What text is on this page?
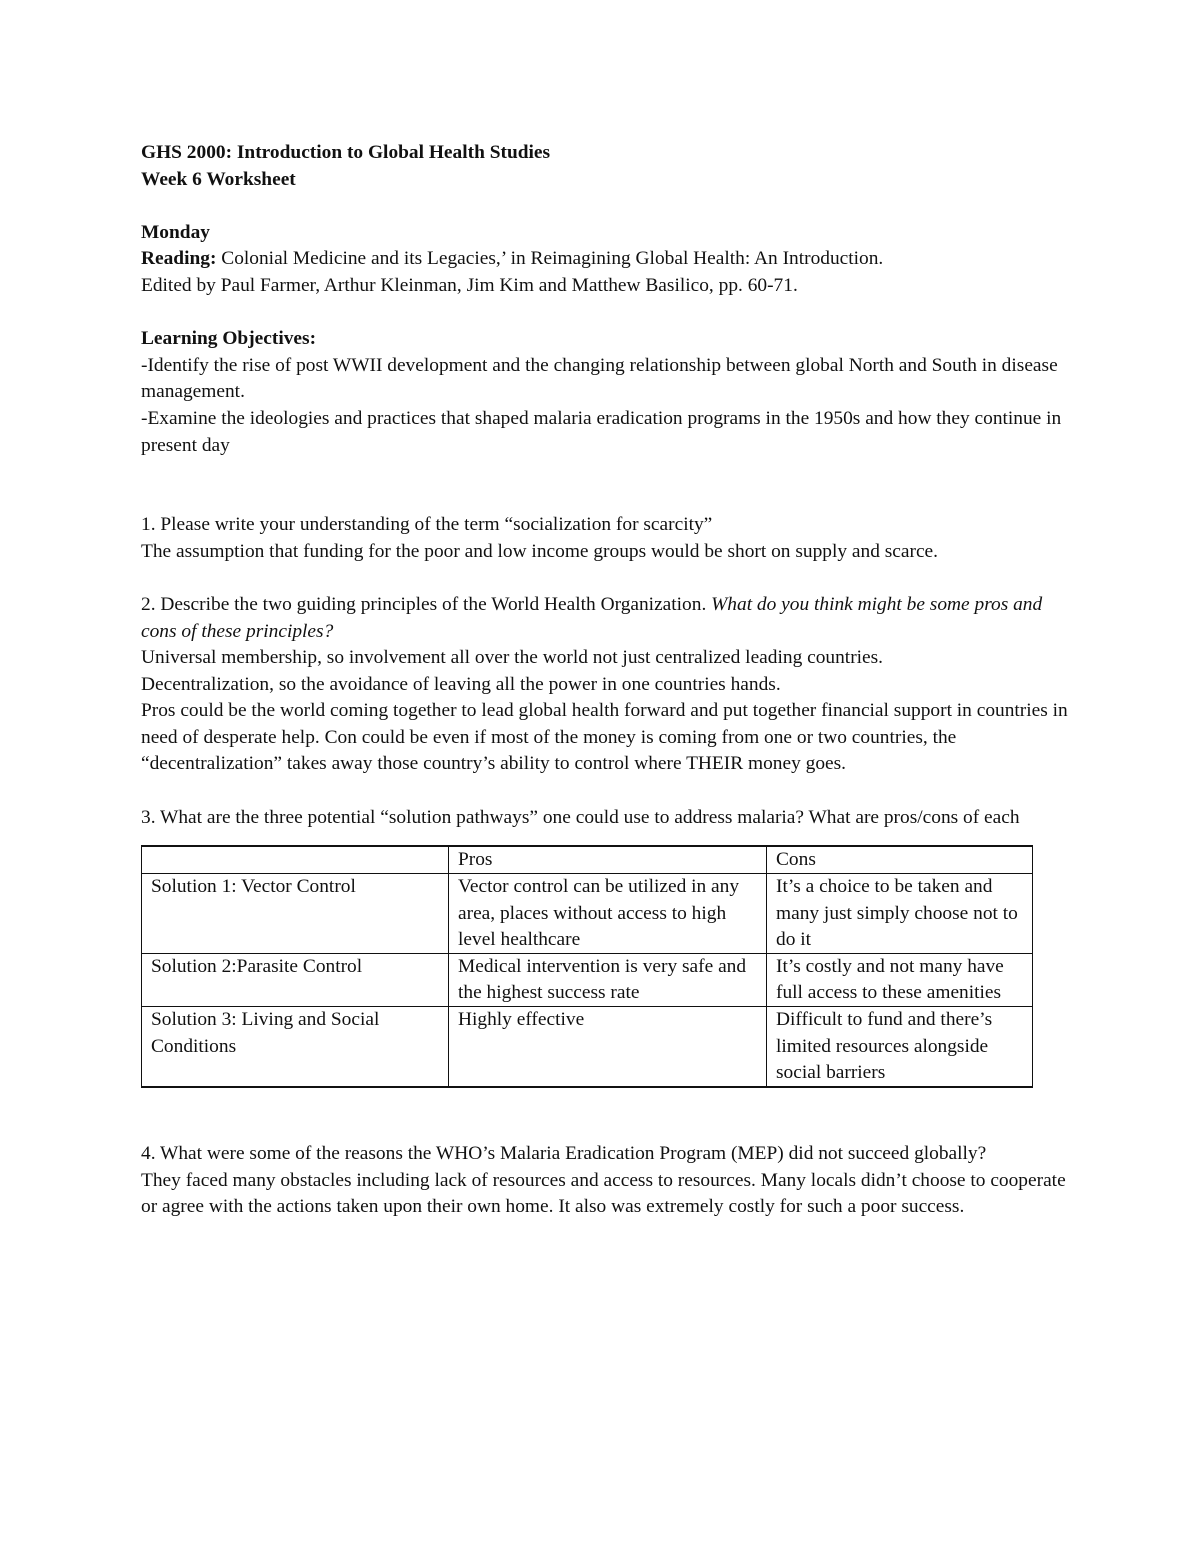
GHS 2000: Introduction to Global Health Studies

Week 6 Worksheet

Monday

Reading: Colonial Medicine and its Legacies,’ in Reimagining Global Health: An Introduction.

Edited by Paul Farmer, Arthur Kleinman, Jim Kim and Matthew Basilico, pp. 60-71.

Learning Objectives:

-Identify the rise of post WWII development and the changing relationship between global North and South in disease management.

-Examine the ideologies and practices that shaped malaria eradication programs in the 1950s and how they continue in present day

1. Please write your understanding of the term “socialization for scarcity”

The assumption that funding for the poor and low income groups would be short on supply and scarce.

2. Describe the two guiding principles of the World Health Organization. What do you think might be some pros and cons of these principles?

Universal membership, so involvement all over the world not just centralized leading countries.

Decentralization, so the avoidance of leaving all the power in one countries hands.

Pros could be the world coming together to lead global health forward and put together financial support in countries in need of desperate help. Con could be even if most of the money is coming from one or two countries, the “decentralization” takes away those country’s ability to control where THEIR money goes.

3. What are the three potential “solution pathways” one could use to address malaria? What are pros/cons of each

	Pros	Cons
Solution 1: Vector Control	Vector control can be utilized in any area, places without access to high level healthcare	It’s a choice to be taken and many just simply choose not to do it
Solution 2:Parasite Control	Medical intervention is very safe and the highest success rate	It’s costly and not many have full access to these amenities
Solution 3: Living and Social Conditions	Highly effective	Difficult to fund and there’s limited resources alongside social barriers

4. What were some of the reasons the WHO’s Malaria Eradication Program (MEP) did not succeed globally?

They faced many obstacles including lack of resources and access to resources. Many locals didn’t choose to cooperate or agree with the actions taken upon their own home. It also was extremely costly for such a poor success.
